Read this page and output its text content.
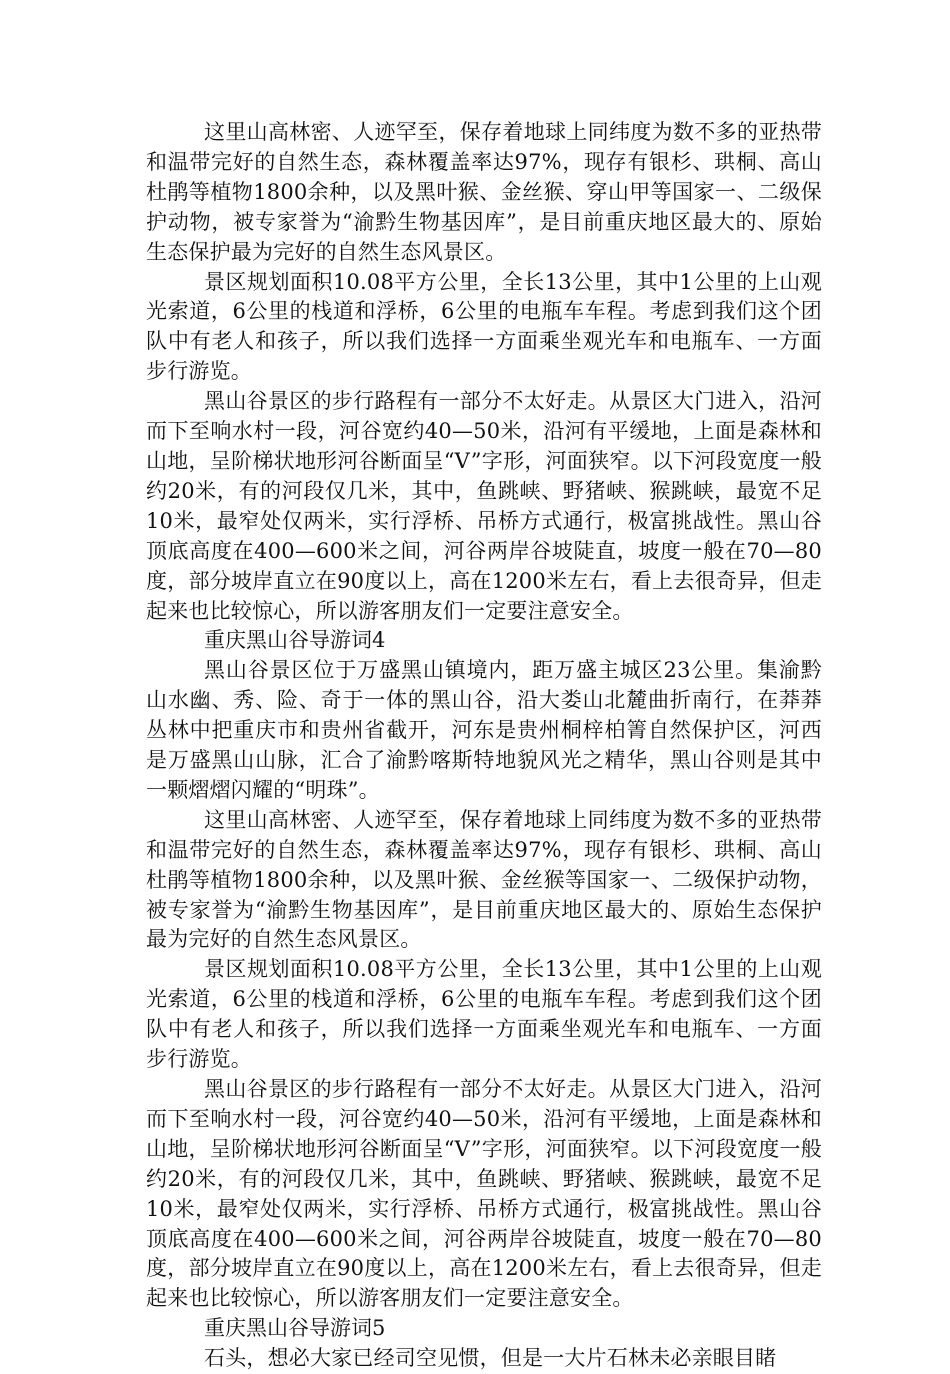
这里山高林密、人迹罕至，保存着地球上同纬度为数不多的亚热带和温带完好的自然生态，森林覆盖率达97%，现存有银杉、珙桐、高山杜鹃等植物1800余种，以及黑叶猴、金丝猴、穿山甲等国家一、二级保护动物，被专家誉为“渝黔生物基因库”，是目前重庆地区最大的、原始生态保护最为完好的自然生态风景区。

景区规划面积10.08平方公里，全长13公里，其中1公里的上山观光索道，6公里的栈道和浮桥，6公里的电瓶车车程。考虑到我们这个团队中有老人和孩子，所以我们选择一方面乘坐观光车和电瓶车、一方面步行游览。

黑山谷景区的步行路程有一部分不太好走。从景区大门进入，沿河而下至响水村一段，河谷宽约40—50米，沿河有平缓地，上面是森林和山地，呈阶梯状地形河谷断面呈“V”字形，河面狭窄。以下河段宽度一般约20米，有的河段仅几米，其中，鱼跳峡、野猪峡、猴跳峡，最宽不足10米，最窄处仅两米，实行浮桥、吊桥方式通行，极富挑战性。黑山谷顶底高度在400—600米之间，河谷两岸谷坡陡直，坡度一般在70—80度，部分坡岸直立在90度以上，高在1200米左右，看上去很奇异，但走起来也比较惊心，所以游客朋友们一定要注意安全。

重庆黑山谷导游词4

黑山谷景区位于万盛黑山镇境内，距万盛主城区23公里。集渝黔山水幽、秀、险、奇于一体的黑山谷，沿大娄山北麓曲折南行，在莽莽丛林中把重庆市和贵州省截开，河东是贵州桐梓柏箐自然保护区，河西是万盛黑山山脉，汇合了渝黔喀斯特地貌风光之精华，黑山谷则是其中一颗熠熠闪耀的“明珠”。

这里山高林密、人迹罕至，保存着地球上同纬度为数不多的亚热带和温带完好的自然生态，森林覆盖率达97%，现存有银杉、珙桐、高山杜鹃等植物1800余种，以及黑叶猴、金丝猴等国家一、二级保护动物，被专家誉为“渝黔生物基因库”，是目前重庆地区最大的、原始生态保护最为完好的自然生态风景区。

景区规划面积10.08平方公里，全长13公里，其中1公里的上山观光索道，6公里的栈道和浮桥，6公里的电瓶车车程。考虑到我们这个团队中有老人和孩子，所以我们选择一方面乘坐观光车和电瓶车、一方面步行游览。

黑山谷景区的步行路程有一部分不太好走。从景区大门进入，沿河而下至响水村一段，河谷宽约40—50米，沿河有平缓地，上面是森林和山地，呈阶梯状地形河谷断面呈“V”字形，河面狭窄。以下河段宽度一般约20米，有的河段仅几米，其中，鱼跳峡、野猪峡、猴跳峡，最宽不足10米，最窄处仅两米，实行浮桥、吊桥方式通行，极富挑战性。黑山谷顶底高度在400—600米之间，河谷两岸谷坡陡直，坡度一般在70—80度，部分坡岸直立在90度以上，高在1200米左右，看上去很奇异，但走起来也比较惊心，所以游客朋友们一定要注意安全。

重庆黑山谷导游词5

石头，想必大家已经司空见惯，但是一大片石林未必亲眼目睹
